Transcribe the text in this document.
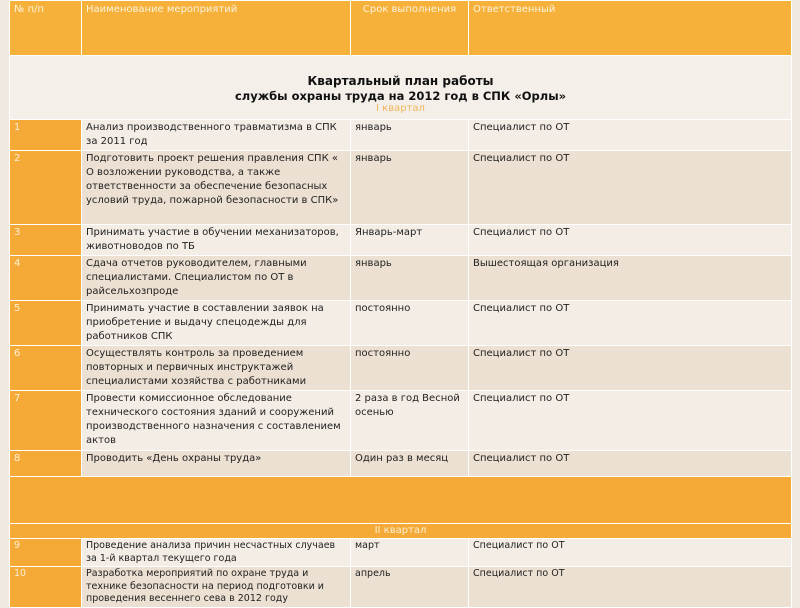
№ п/п	Наименование мероприятий	Срок выполнения	Ответственный

Квартальный план работы
службы охраны труда на 2012 год в СПК «Орлы»
I квартал			

1	Анализ производственного травматизма в СПК за 2011 год	январь	Специалист по ОТ
2	Подготовить проект решения правления СПК « О возложении руководства, а также ответственности за обеспечение безопасных условий труда, пожарной безопасности в СПК»	январь	Специалист по ОТ
3	Принимать участие в обучении механизаторов, животноводов по ТБ	Январь-март	Специалист по ОТ
4	Сдача отчетов руководителем, главными специалистами. Специалистом по ОТ в райсельхозпроде	январь	Вышестоящая организация
5	Принимать участие в составлении заявок на приобретение и выдачу спецодежды для работников СПК	постоянно	Специалист по ОТ
6	Осуществлять контроль за проведением повторных и первичных инструктажей специалистами хозяйства с работниками	постоянно	Специалист по ОТ
7	Провести комиссионное обследование технического состояния зданий и сооружений производственного назначения с составлением актов	2 раза в год Весной осенью	Специалист по ОТ
8	Проводить «День охраны труда»	Один раз в месяц	Специалист по ОТ

II квартал			
9	Проведение анализа причин несчастных случаев за 1-й квартал текущего года	март	Специалист по ОТ
10	Разработка мероприятий по охране труда и технике безопасности на период подготовки и проведения весеннего сева в 2012 году	апрель	Специалист по ОТ
